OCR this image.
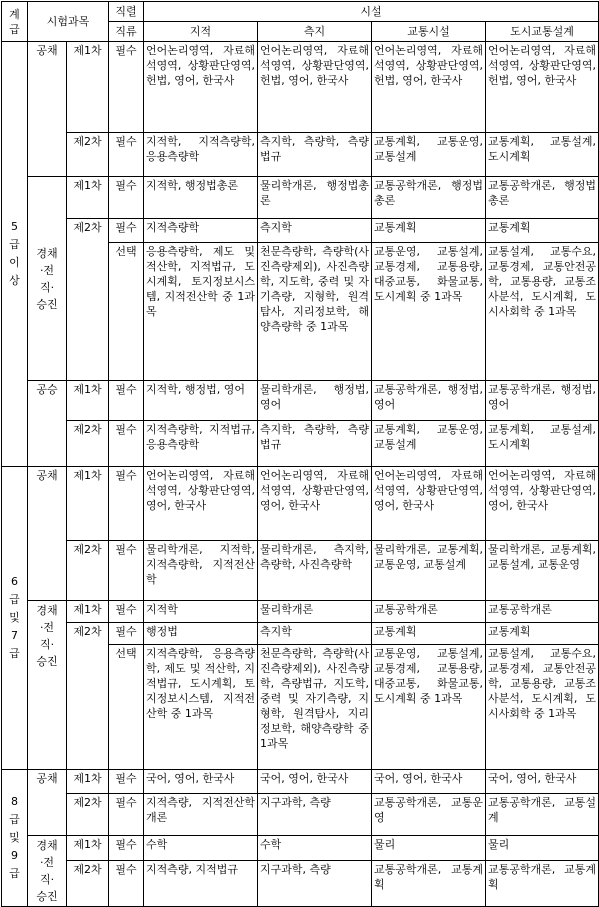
계급	시험과목		직렬	시설			
			직류	지적	측지	교통시설	도시교통설계

5급이상	공채	제1차	필수	언어논리영역, 자료해석영역, 상황판단영역, 헌법, 영어, 한국사	언어논리영역, 자료해석영역, 상황판단영역, 헌법, 영어, 한국사	언어논리영역, 자료해석영역, 상황판단영역, 헌법, 영어, 한국사	언어논리영역, 자료해석영역, 상황판단영역, 헌법, 영어, 한국사
		제2차	필수	지적학, 지적측량학, 응용측량학	측지학, 측량학, 측량법규	교통계획, 교통운영, 교통설계	교통계획, 교통설계, 도시계획
	경채·전직·승진	제1차	필수	지적학, 행정법총론	물리학개론, 행정법총론	교통공학개론, 행정법총론	교통공학개론, 행정법총론
		제2차	필수	지적측량학	측지학	교통계획	교통계획
			선택	응용측량학, 제도 및 적산학, 지적법규, 도시계획, 토지정보시스템, 지적전산학 중 1과목	천문측량학, 측량학(사진측량제외), 사진측량학, 지도학, 중력 및 자기측량, 지형학, 원격탐사, 지리정보학, 해양측량학 중 1과목	교통운영, 교통설계, 교통경제, 교통용량, 대중교통, 화물교통, 도시계획 중 1과목	교통설계, 교통수요, 교통경제, 교통안전공학, 교통용량, 교통조사분석, 도시계획, 도시사회학 중 1과목
	공승	제1차	필수	지적학, 행정법, 영어	물리학개론, 행정법, 영어	교통공학개론, 행정법, 영어	교통공학개론, 행정법, 영어
		제2차	필수	지적측량학, 지적법규, 응용측량학	측지학, 측량학, 측량법규	교통계획, 교통운영, 교통설계	교통계획, 교통설계, 도시계획

6급및7급	공채	제1차	필수	언어논리영역, 자료해석영역, 상황판단영역, 영어, 한국사	언어논리영역, 자료해석영역, 상황판단영역, 영어, 한국사	언어논리영역, 자료해석영역, 상황판단영역, 영어, 한국사	언어논리영역, 자료해석영역, 상황판단영역, 영어, 한국사
		제2차	필수	물리학개론, 지적학, 지적측량학, 지적전산학	물리학개론, 측지학, 측량학, 사진측량학	물리학개론, 교통계획, 교통운영, 교통설계	물리학개론, 교통계획, 교통설계, 교통운영
	경채·전직·승진	제1차	필수	지적학	물리학개론	교통공학개론	교통공학개론
		제2차	필수	행정법	측지학	교통계획	교통계획
			선택	지적측량학, 응용측량학, 제도 및 적산학, 지적법규, 도시계획, 토지정보시스템, 지적전산학 중 1과목	천문측량학, 측량학(사진측량제외), 사진측량학, 측량법규, 지도학, 중력 및 자기측량, 지형학, 원격탐사, 지리정보학, 해양측량학 중 1과목	교통운영, 교통설계, 교통경제, 교통용량, 대중교통, 화물교통, 도시계획 중 1과목	교통설계, 교통수요, 교통경제, 교통안전공학, 교통용량, 교통조사분석, 도시계획, 도시사회학 중 1과목

8급및9급	공채	제1차	필수	국어, 영어, 한국사	국어, 영어, 한국사	국어, 영어, 한국사	국어, 영어, 한국사
		제2차	필수	지적측량, 지적전산학개론	지구과학, 측량	교통공학개론, 교통운영	교통공학개론, 교통설계
	경채·전직·승진	제1차	필수	수학	수학	물리	물리
		제2차	필수	지적측량, 지적법규	지구과학, 측량	교통공학개론, 교통계획	교통공학개론, 교통계획
